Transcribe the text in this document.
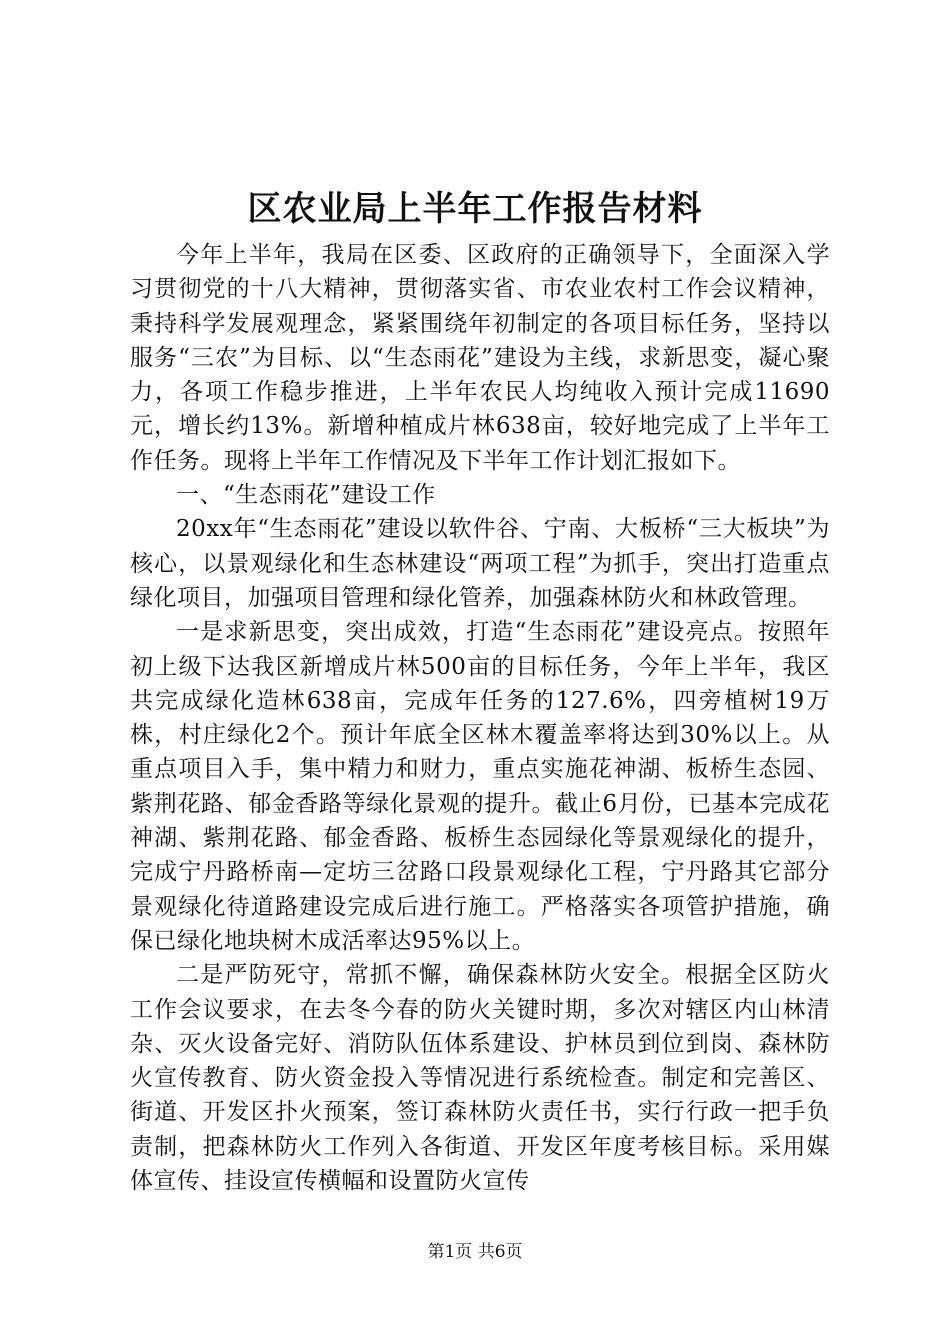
区农业局上半年工作报告材料

今年上半年，我局在区委、区政府的正确领导下，全面深入学习贯彻党的十八大精神，贯彻落实省、市农业农村工作会议精神，秉持科学发展观理念，紧紧围绕年初制定的各项目标任务，坚持以服务“三农”为目标、以“生态雨花”建设为主线，求新思变，凝心聚力，各项工作稳步推进，上半年农民人均纯收入预计完成11690元，增长约13%。新增种植成片林638亩，较好地完成了上半年工作任务。现将上半年工作情况及下半年工作计划汇报如下。

一、“生态雨花”建设工作

20xx年“生态雨花”建设以软件谷、宁南、大板桥“三大板块”为核心，以景观绿化和生态林建设“两项工程”为抓手，突出打造重点绿化项目，加强项目管理和绿化管养，加强森林防火和林政管理。

一是求新思变，突出成效，打造“生态雨花”建设亮点。按照年初上级下达我区新增成片林500亩的目标任务，今年上半年，我区共完成绿化造林638亩，完成年任务的127.6%，四旁植树19万株，村庄绿化2个。预计年底全区林木覆盖率将达到30%以上。从重点项目入手，集中精力和财力，重点实施花神湖、板桥生态园、紫荆花路、郁金香路等绿化景观的提升。截止6月份，已基本完成花神湖、紫荆花路、郁金香路、板桥生态园绿化等景观绿化的提升，完成宁丹路桥南—定坊三岔路口段景观绿化工程，宁丹路其它部分景观绿化待道路建设完成后进行施工。严格落实各项管护措施，确保已绿化地块树木成活率达95%以上。

二是严防死守，常抓不懈，确保森林防火安全。根据全区防火工作会议要求，在去冬今春的防火关键时期，多次对辖区内山林清杂、灭火设备完好、消防队伍体系建设、护林员到位到岗、森林防火宣传教育、防火资金投入等情况进行系统检查。制定和完善区、街道、开发区扑火预案，签订森林防火责任书，实行行政一把手负责制，把森林防火工作列入各街道、开发区年度考核目标。采用媒体宣传、挂设宣传横幅和设置防火宣传

第1页 共6页
